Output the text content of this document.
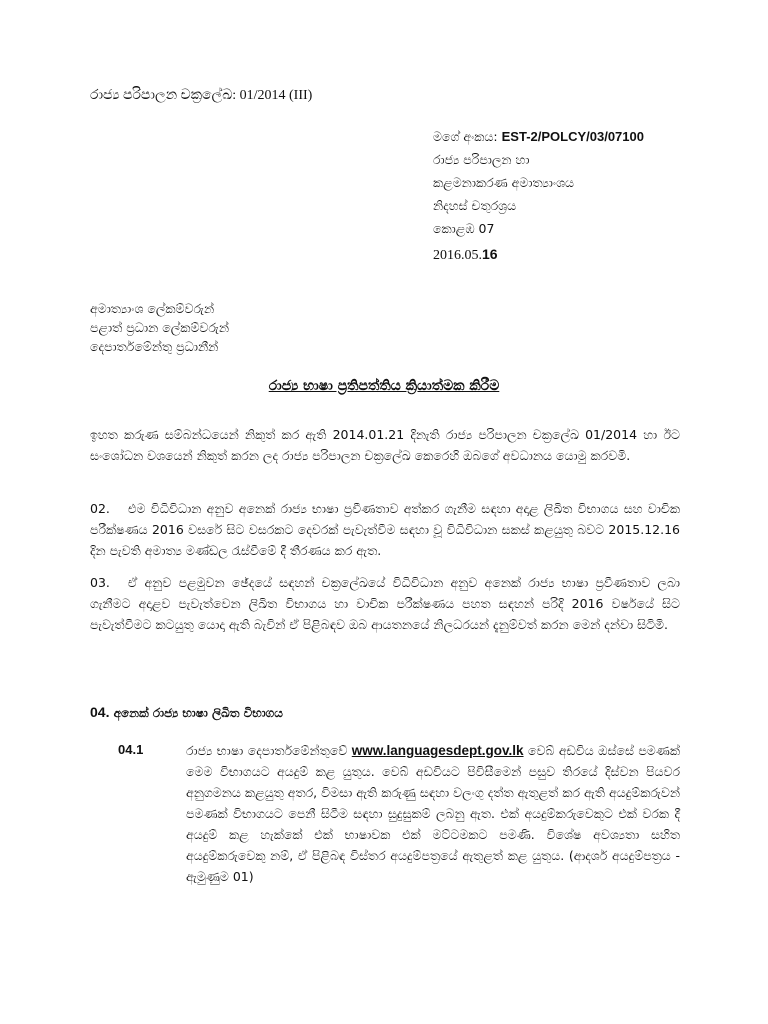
රාජ්‍ය පරිපාලන චක්‍රලේඛ: 01/2014 (III)
මගේ අංකය: EST-2/POLCY/03/07100
රාජ්‍ය පරිපාලන හා
කළමනාකරණ අමාත්‍යාංශය
නිදහස් චතුරශ්‍රය
කොළඹ 07
2016.05.16
අමාත්‍යාංශ ලේකම්වරුන්
පළාත් ප්‍රධාන ලේකම්වරුන්
දෙපාර්තමේන්තු ප්‍රධානීන්
රාජ්‍ය භාෂා ප්‍රතිපත්තිය ක්‍රියාත්මක කිරීම
ඉහත කරුණ සම්බන්ධයෙන් නිකුත් කර ඇති 2014.01.21 දිනැති රාජ්‍ය පරිපාලන චක්‍රලේඛ 01/2014 හා ඊට සංශෝධන වශයෙන් නිකුත් කරන ලද රාජ්‍ය පරිපාලන චක්‍රලේඛ කෙරෙහි ඔබගේ අවධානය යොමු කරවමි.
02. එම විධිවිධාන අනුව අනෙක් රාජ්‍ය භාෂා ප්‍රවීණතාව අත්කර ගැනීම සඳහා අදාළ ලිඛිත විභාගය සහ වාචික පරීක්ෂණය 2016 වසරේ සිට වසරකට දෙවරක් පැවැත්වීම සඳහා වූ විධිවිධාන සකස් කළයුතු බවට 2015.12.16 දින පැවති අමාත්‍ය මණ්ඩල රැස්වීමේ දී තීරණය කර ඇත.
03. ඒ අනුව පළමුවන ඡේදයේ සඳහන් චක්‍රලේඛයේ විධිවිධාන අනුව අනෙක් රාජ්‍ය භාෂා ප්‍රවීණතාව ලබා ගැනීමට අදාළව පැවැත්වෙන ලිඛිත විභාගය හා වාචික පරීක්ෂණය පහත සඳහන් පරිදි 2016 වර්ෂයේ සිට පැවැත්වීමට කටයුතු යොදා ඇති බැවින් ඒ පිළිබඳව ඔබ ආයතනයේ නිලධරයන් දැනුම්වත් කරන මෙන් දන්වා සිටිමි.
04. අනෙක් රාජ්‍ය භාෂා ලිඛිත විභාගය
04.1	රාජ්‍ය භාෂා දෙපාර්තමේන්තුවේ www.languagesdept.gov.lk වෙබ් අඩවිය ඔස්සේ පමණක් මෙම විභාගයට අයදුම් කළ යුතුය. වෙබ් අඩවියට පිවිසීමෙන් පසුව තිරයේ දිස්වන පියවර අනුගමනය කළයුතු අතර, විමසා ඇති කරුණු සඳහා වලංගු දත්ත ඇතුළත් කර ඇති අයදුම්කරුවන් පමණක් විභාගයට පෙනී සිටීම සඳහා සුදුසුකම් ලබනු ඇත. එක් අයදුම්කරුවෙකුට එක් වරක දී අයදුම් කළ හැක්කේ එක් භාෂාවක එක් මට්ටමකට පමණි. විශේෂ අවශ්‍යතා සහිත අයදුම්කරුවෙකු නම්, ඒ පිළිබඳ විස්තර අයදුම්පත්‍රයේ ඇතුළත් කළ යුතුය. (ආදර්ශ අයදුම්පත්‍රය - ඇමුණුම 01)
